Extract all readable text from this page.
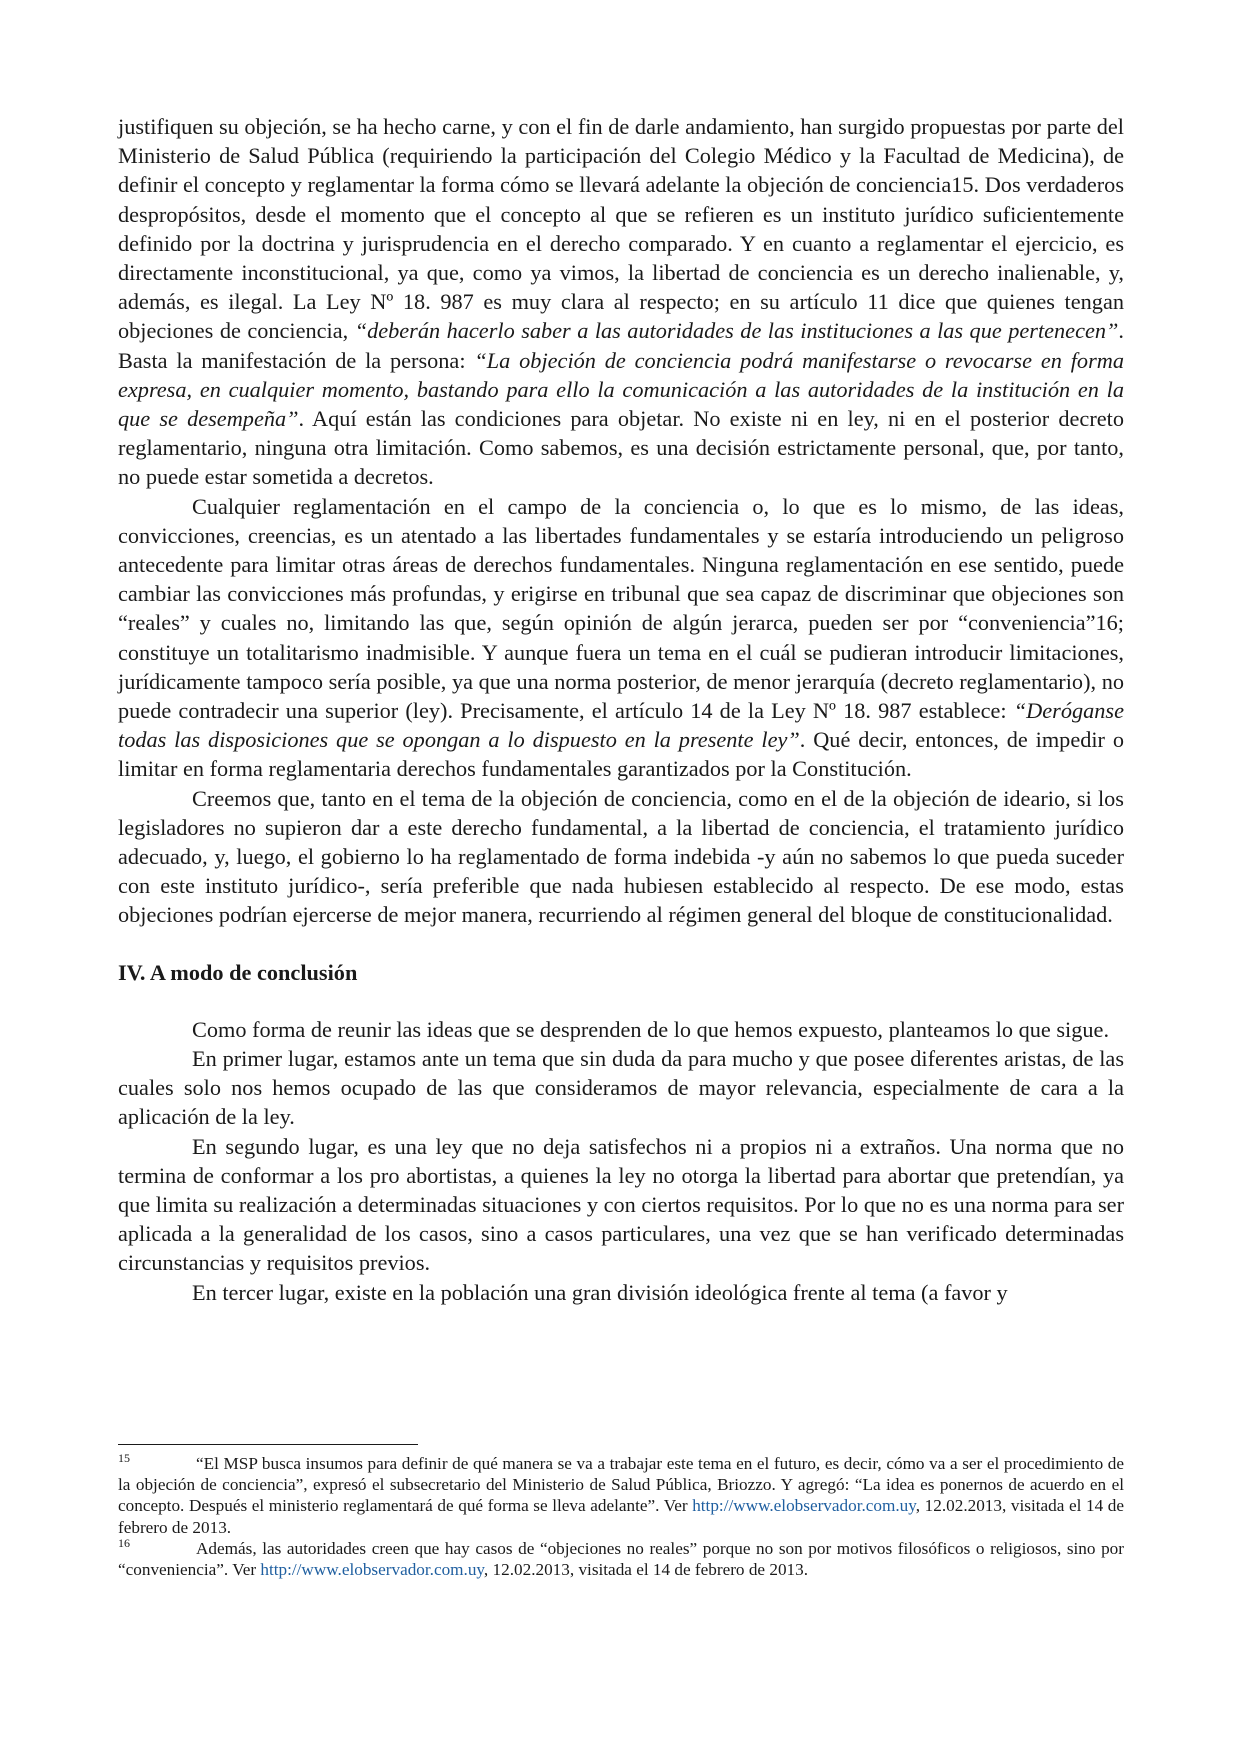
justifiquen su objeción, se ha hecho carne, y con el fin de darle andamiento, han surgido propuestas por parte del Ministerio de Salud Pública (requiriendo la participación del Colegio Médico y la Facultad de Medicina), de definir el concepto y reglamentar la forma cómo se llevará adelante la objeción de conciencia15. Dos verdaderos despropósitos, desde el momento que el concepto al que se refieren es un instituto jurídico suficientemente definido por la doctrina y jurisprudencia en el derecho comparado. Y en cuanto a reglamentar el ejercicio, es directamente inconstitucional, ya que, como ya vimos, la libertad de conciencia es un derecho inalienable, y, además, es ilegal. La Ley Nº 18. 987 es muy clara al respecto; en su artículo 11 dice que quienes tengan objeciones de conciencia, “deberán hacerlo saber a las autoridades de las instituciones a las que pertenecen”. Basta la manifestación de la persona: “La objeción de conciencia podrá manifestarse o revocarse en forma expresa, en cualquier momento, bastando para ello la comunicación a las autoridades de la institución en la que se desempeña”. Aquí están las condiciones para objetar. No existe ni en ley, ni en el posterior decreto reglamentario, ninguna otra limitación. Como sabemos, es una decisión estrictamente personal, que, por tanto, no puede estar sometida a decretos.

Cualquier reglamentación en el campo de la conciencia o, lo que es lo mismo, de las ideas, convicciones, creencias, es un atentado a las libertades fundamentales y se estaría introduciendo un peligroso antecedente para limitar otras áreas de derechos fundamentales. Ninguna reglamentación en ese sentido, puede cambiar las convicciones más profundas, y erigirse en tribunal que sea capaz de discriminar que objeciones son “reales” y cuales no, limitando las que, según opinión de algún jerarca, pueden ser por “conveniencia”16; constituye un totalitarismo inadmisible. Y aunque fuera un tema en el cuál se pudieran introducir limitaciones, jurídicamente tampoco sería posible, ya que una norma posterior, de menor jerarquía (decreto reglamentario), no puede contradecir una superior (ley). Precisamente, el artículo 14 de la Ley Nº 18. 987 establece: “Deróganse todas las disposiciones que se opongan a lo dispuesto en la presente ley”. Qué decir, entonces, de impedir o limitar en forma reglamentaria derechos fundamentales garantizados por la Constitución.

Creemos que, tanto en el tema de la objeción de conciencia, como en el de la objeción de ideario, si los legisladores no supieron dar a este derecho fundamental, a la libertad de conciencia, el tratamiento jurídico adecuado, y, luego, el gobierno lo ha reglamentado de forma indebida -y aún no sabemos lo que pueda suceder con este instituto jurídico-, sería preferible que nada hubiesen establecido al respecto. De ese modo, estas objeciones podrían ejercerse de mejor manera, recurriendo al régimen general del bloque de constitucionalidad.

IV. A modo de conclusión

Como forma de reunir las ideas que se desprenden de lo que hemos expuesto, planteamos lo que sigue.

En primer lugar, estamos ante un tema que sin duda da para mucho y que posee diferentes aristas, de las cuales solo nos hemos ocupado de las que consideramos de mayor relevancia, especialmente de cara a la aplicación de la ley.

En segundo lugar, es una ley que no deja satisfechos ni a propios ni a extraños. Una norma que no termina de conformar a los pro abortistas, a quienes la ley no otorga la libertad para abortar que pretendían, ya que limita su realización a determinadas situaciones y con ciertos requisitos. Por lo que no es una norma para ser aplicada a la generalidad de los casos, sino a casos particulares, una vez que se han verificado determinadas circunstancias y requisitos previos.

En tercer lugar, existe en la población una gran división ideológica frente al tema (a favor y

15	“El MSP busca insumos para definir de qué manera se va a trabajar este tema en el futuro, es decir, cómo va a ser el procedimiento de la objeción de conciencia”, expresó el subsecretario del Ministerio de Salud Pública, Briozzo. Y agregó: “La idea es ponernos de acuerdo en el concepto. Después el ministerio reglamentará de qué forma se lleva adelante”. Ver http://www.elobservador.com.uy, 12.02.2013, visitada el 14 de febrero de 2013.
16	Además, las autoridades creen que hay casos de “objeciones no reales” porque no son por motivos filosóficos o religiosos, sino por “conveniencia”. Ver http://www.elobservador.com.uy, 12.02.2013, visitada el 14 de febrero de 2013.
